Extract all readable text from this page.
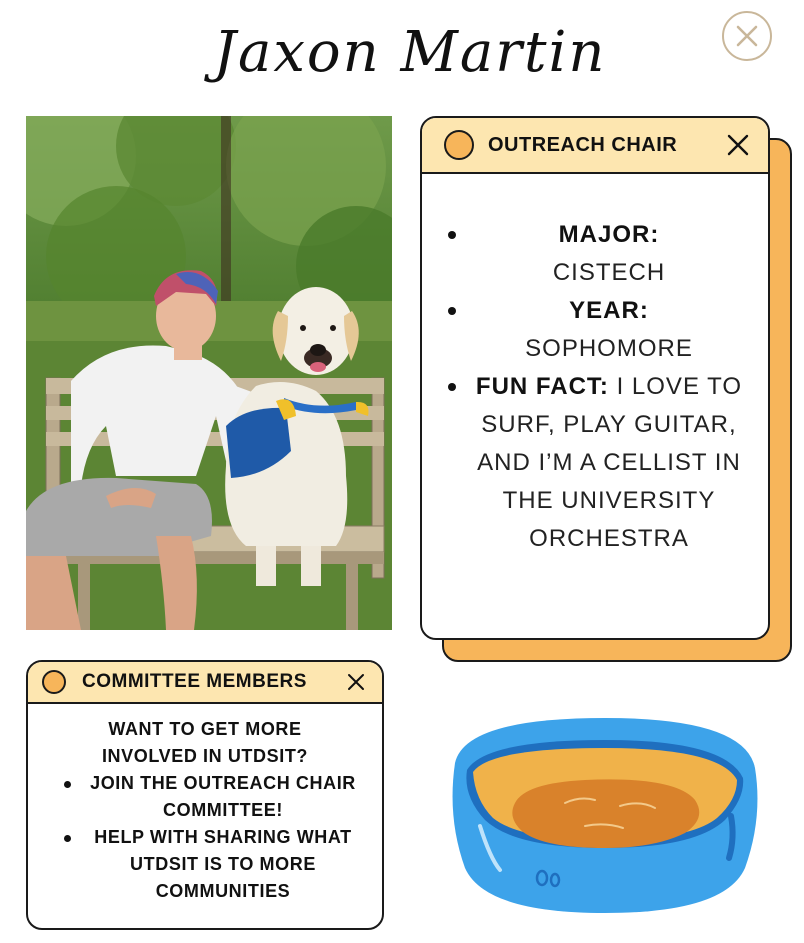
Jaxon Martin
OUTREACH CHAIR
MAJOR:
CISTECH
YEAR:
SOPHOMORE
FUN FACT: I LOVE TO SURF, PLAY GUITAR, AND I’M A CELLIST IN THE UNIVERSITY ORCHESTRA
COMMITTEE MEMBERS
WANT TO GET MORE INVOLVED IN UTDSIT?
JOIN THE OUTREACH CHAIR COMMITTEE!
HELP WITH SHARING WHAT UTDSIT IS TO MORE COMMUNITIES
